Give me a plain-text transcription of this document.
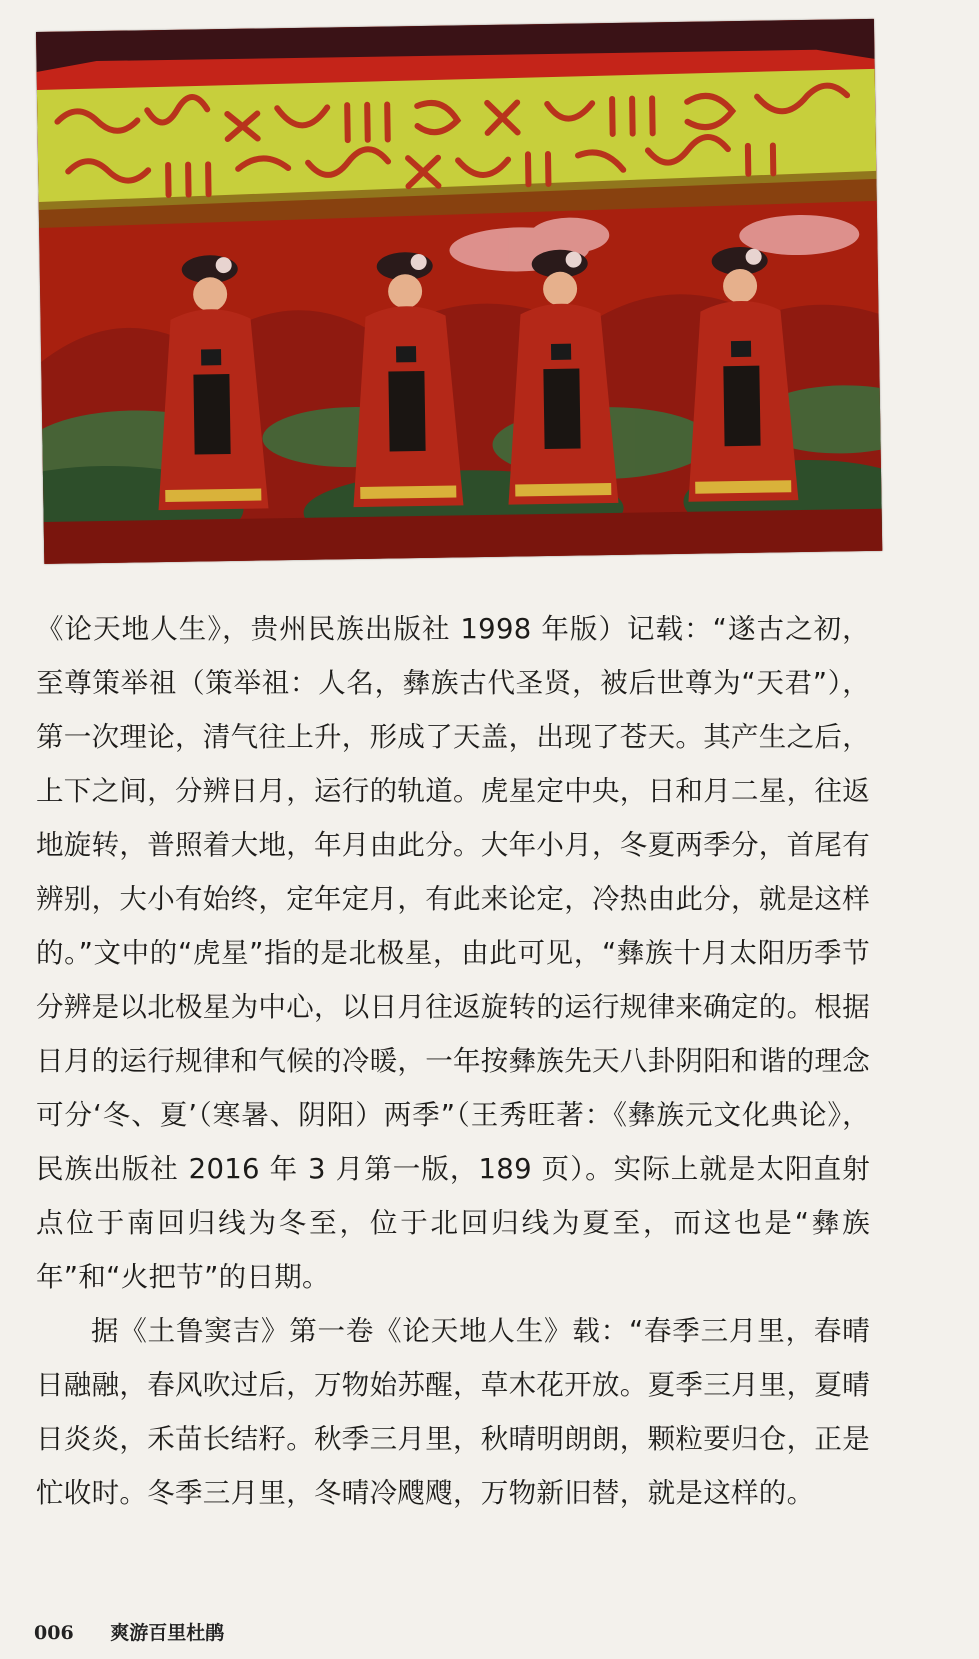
《论天地人生》，贵州民族出版社 1998 年版）记载：“遂古之初，至尊策举祖（策举祖：人名，彝族古代圣贤，被后世尊为“天君”），第一次理论，清气往上升，形成了天盖，出现了苍天。其产生之后，上下之间，分辨日月，运行的轨道。虎星定中央，日和月二星，往返地旋转，普照着大地，年月由此分。大年小月，冬夏两季分，首尾有辨别，大小有始终，定年定月，有此来论定，冷热由此分，就是这样的。”文中的“虎星”指的是北极星，由此可见，“彝族十月太阳历季节分辨是以北极星为中心，以日月往返旋转的运行规律来确定的。根据日月的运行规律和气候的冷暖，一年按彝族先天八卦阴阳和谐的理念可分‘冬、夏’（寒暑、阴阳）两季”（王秀旺著：《彝族元文化典论》，民族出版社 2016 年 3 月第一版，189 页）。实际上就是太阳直射点位于南回归线为冬至，位于北回归线为夏至，而这也是“彝族年”和“火把节”的日期。

据《土鲁窦吉》第一卷《论天地人生》载：“春季三月里，春晴日融融，春风吹过后，万物始苏醒，草木花开放。夏季三月里，夏晴日炎炎，禾苗长结籽。秋季三月里，秋晴明朗朗，颗粒要归仓，正是忙收时。冬季三月里，冬晴冷飕飕，万物新旧替，就是这样的。

006 爽游百里杜鹃
